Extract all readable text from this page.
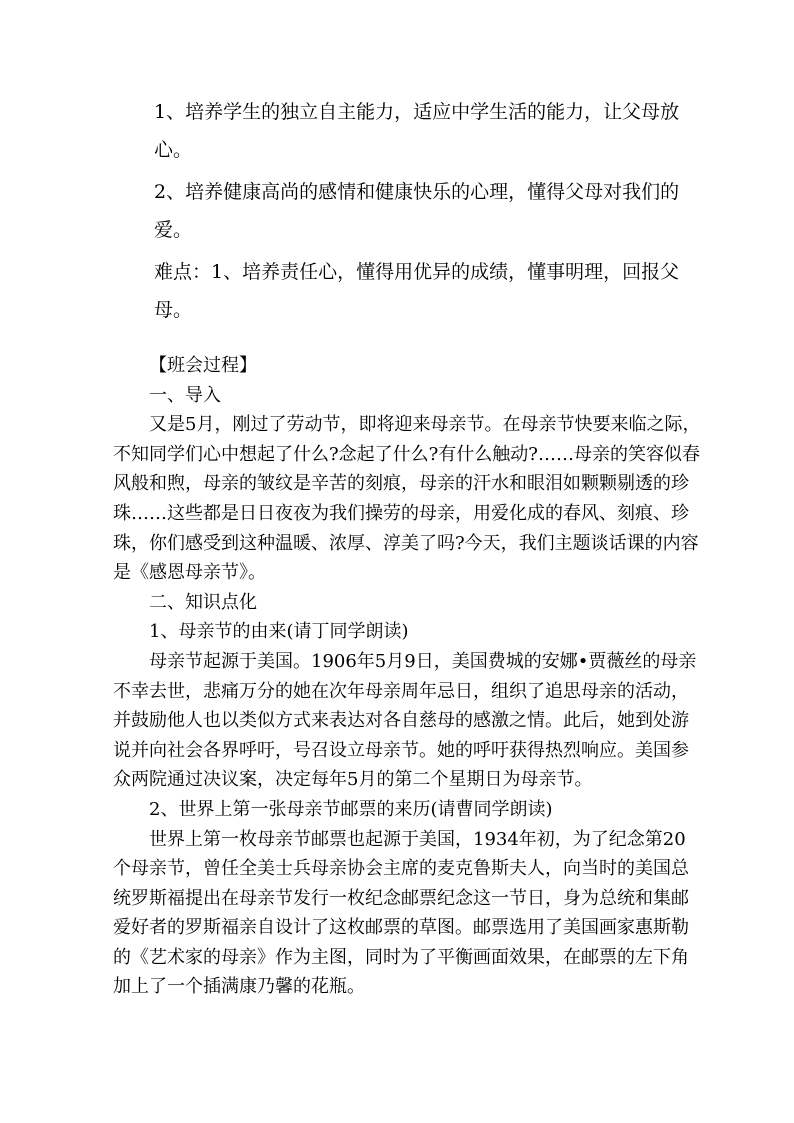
1、培养学生的独立自主能力，适应中学生活的能力，让父母放心。

2、培养健康高尚的感情和健康快乐的心理，懂得父母对我们的爱。

难点：1、培养责任心，懂得用优异的成绩，懂事明理，回报父母。

【班会过程】

一、导入

又是5月，刚过了劳动节，即将迎来母亲节。在母亲节快要来临之际，不知同学们心中想起了什么?念起了什么?有什么触动?……母亲的笑容似春风般和煦，母亲的皱纹是辛苦的刻痕，母亲的汗水和眼泪如颗颗剔透的珍珠……这些都是日日夜夜为我们操劳的母亲，用爱化成的春风、刻痕、珍珠，你们感受到这种温暖、浓厚、淳美了吗?今天，我们主题谈话课的内容是《感恩母亲节》。

二、知识点化

1、母亲节的由来(请丁同学朗读)

母亲节起源于美国。1906年5月9日，美国费城的安娜•贾薇丝的母亲不幸去世，悲痛万分的她在次年母亲周年忌日，组织了追思母亲的活动，并鼓励他人也以类似方式来表达对各自慈母的感激之情。此后，她到处游说并向社会各界呼吁，号召设立母亲节。她的呼吁获得热烈响应。美国参众两院通过决议案，决定每年5月的第二个星期日为母亲节。

2、世界上第一张母亲节邮票的来历(请曹同学朗读)

世界上第一枚母亲节邮票也起源于美国，1934年初，为了纪念第20个母亲节，曾任全美士兵母亲协会主席的麦克鲁斯夫人，向当时的美国总统罗斯福提出在母亲节发行一枚纪念邮票纪念这一节日，身为总统和集邮爱好者的罗斯福亲自设计了这枚邮票的草图。邮票选用了美国画家惠斯勒的《艺术家的母亲》作为主图，同时为了平衡画面效果，在邮票的左下角加上了一个插满康乃馨的花瓶。
